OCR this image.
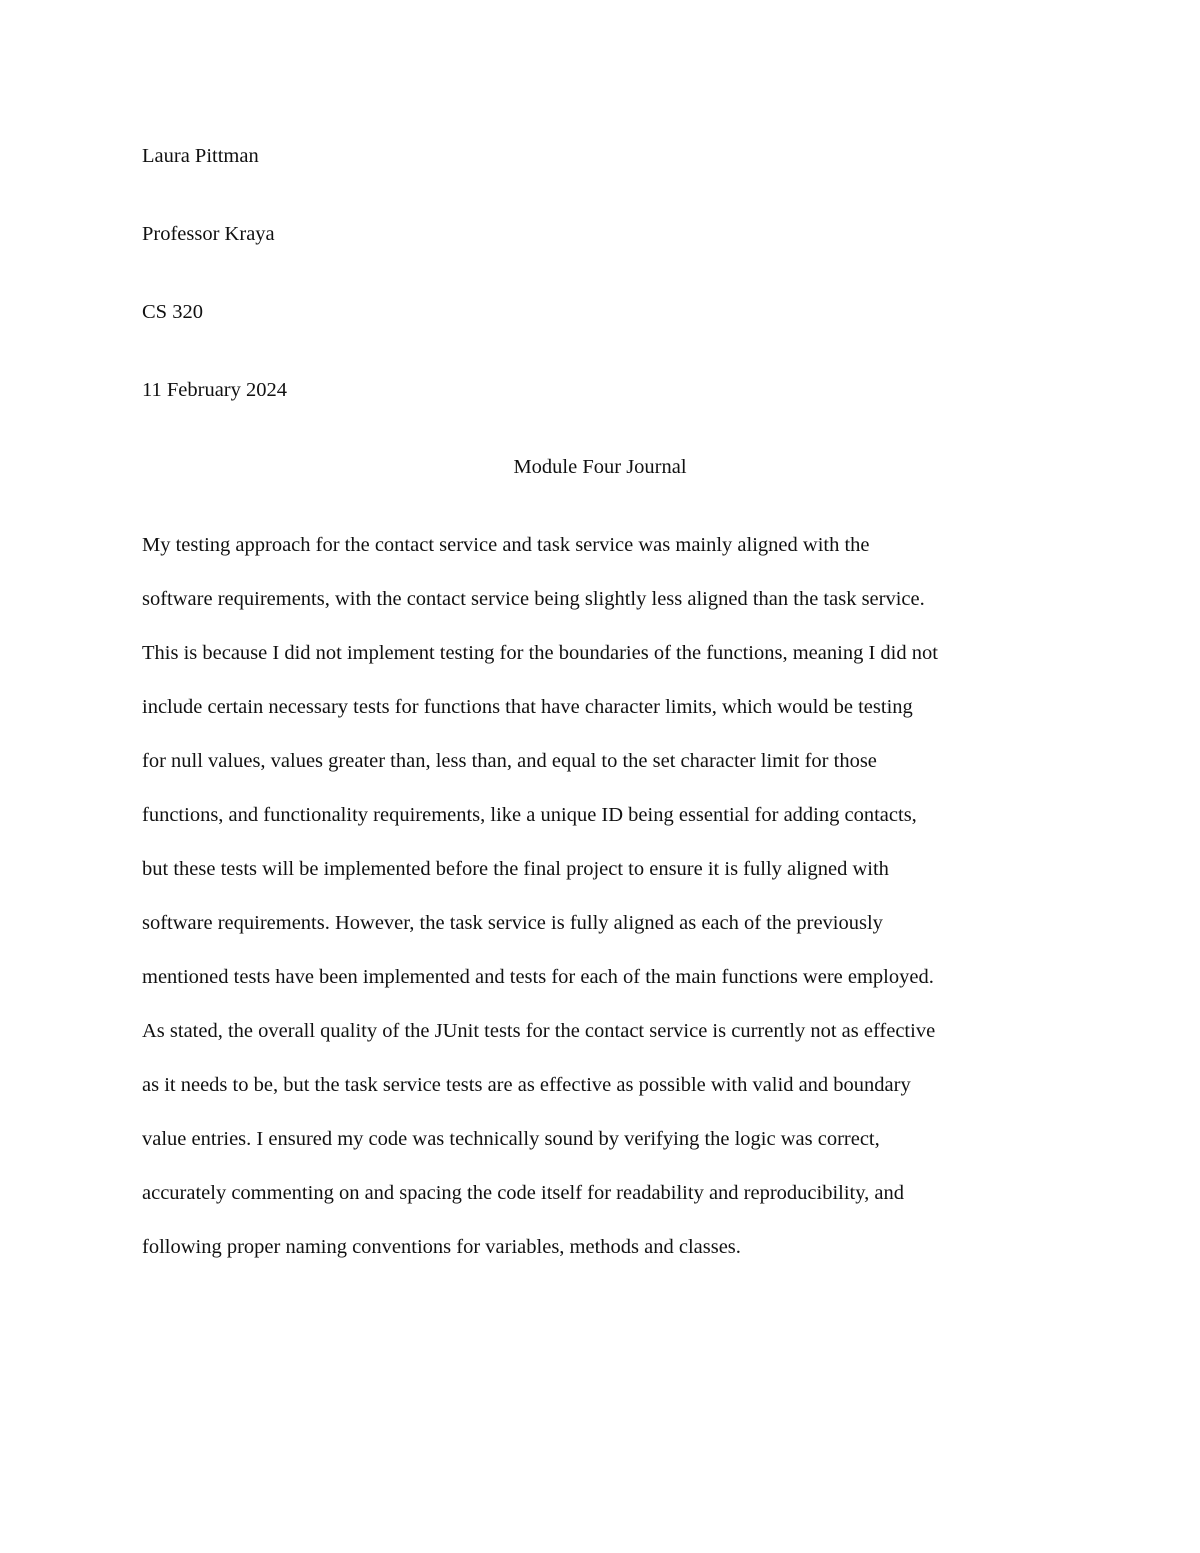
Laura Pittman

Professor Kraya

CS 320

11 February 2024

Module Four Journal

My testing approach for the contact service and task service was mainly aligned with the

software requirements, with the contact service being slightly less aligned than the task service.

This is because I did not implement testing for the boundaries of the functions, meaning I did not

include certain necessary tests for functions that have character limits, which would be testing

for null values, values greater than, less than, and equal to the set character limit for those

functions, and functionality requirements, like a unique ID being essential for adding contacts,

but these tests will be implemented before the final project to ensure it is fully aligned with

software requirements. However, the task service is fully aligned as each of the previously

mentioned tests have been implemented and tests for each of the main functions were employed.

As stated, the overall quality of the JUnit tests for the contact service is currently not as effective

as it needs to be, but the task service tests are as effective as possible with valid and boundary

value entries. I ensured my code was technically sound by verifying the logic was correct,

accurately commenting on and spacing the code itself for readability and reproducibility, and

following proper naming conventions for variables, methods and classes.
